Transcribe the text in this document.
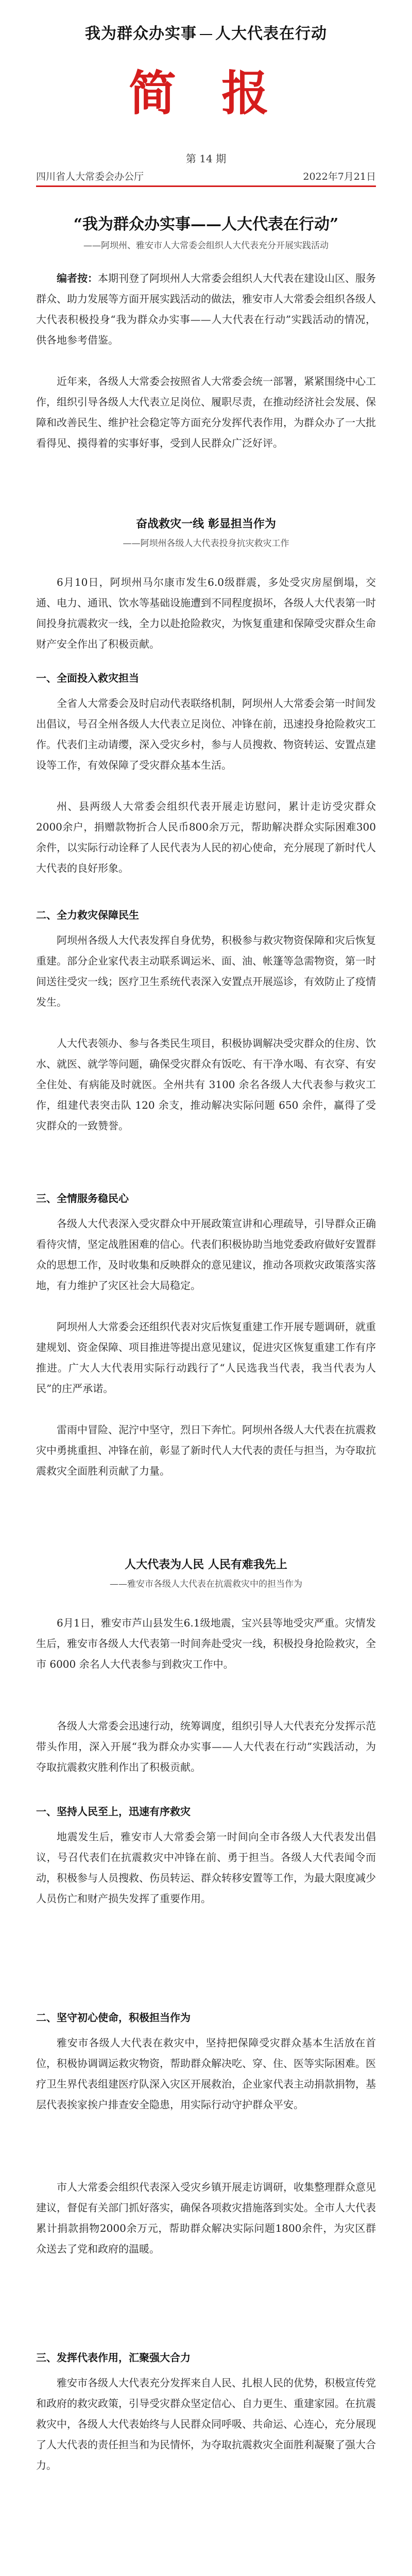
我为群众办实事 人大代表在行动
简 报
第 14 期
四川省人大常委会办公厅	2022年7月21日
“我为群众办实事——人大代表在行动”
——阿坝州、雅安市人大常委会组织人大代表充分开展实践活动

编者按：本期刊登了阿坝州人大常委会组织人大代表在建设山区、服务群众、助力发展等方面开展实践活动的做法，雅安市人大常委会组织各级人大代表积极投身“我为群众办实事——人大代表在行动”实践活动的情况，供各地参考借鉴。

近年来，各级人大常委会按照省人大常委会统一部署，紧紧围绕中心工作，组织引导各级人大代表立足岗位、履职尽责，在推动经济社会发展、保障和改善民生、维护社会稳定等方面充分发挥代表作用，为群众办了一大批看得见、摸得着的实事好事，受到人民群众广泛好评。

奋战救灾一线 彰显担当作为
——阿坝州各级人大代表投身抗灾救灾工作

6月10日，阿坝州马尔康市发生6.0级群震，多处受灾房屋倒塌，交通、电力、通讯、饮水等基础设施遭到不同程度损坏，各级人大代表第一时间投身抗震救灾一线，全力以赴抢险救灾，为恢复重建和保障受灾群众生命财产安全作出了积极贡献。

一、全面投入救灾担当

全省人大常委会及时启动代表联络机制，阿坝州人大常委会第一时间发出倡议，号召全州各级人大代表立足岗位、冲锋在前，迅速投身抢险救灾工作。代表们主动请缨，深入受灾乡村，参与人员搜救、物资转运、安置点建设等工作，有效保障了受灾群众基本生活。

州、县两级人大常委会组织代表开展走访慰问，累计走访受灾群众2000余户，捐赠款物折合人民币800余万元，帮助解决群众实际困难300余件，以实际行动诠释了人民代表为人民的初心使命，充分展现了新时代人大代表的良好形象。

二、全力救灾保障民生

阿坝州各级人大代表发挥自身优势，积极参与救灾物资保障和灾后恢复重建。部分企业家代表主动联系调运米、面、油、帐篷等急需物资，第一时间送往受灾一线；医疗卫生系统代表深入安置点开展巡诊，有效防止了疫情发生。

人大代表领办、参与各类民生项目，积极协调解决受灾群众的住房、饮水、就医、就学等问题，确保受灾群众有饭吃、有干净水喝、有衣穿、有安全住处、有病能及时就医。全州共有 3100 余名各级人大代表参与救灾工作，组建代表突击队 120 余支，推动解决实际问题 650 余件，赢得了受灾群众的一致赞誉。

三、全情服务稳民心

各级人大代表深入受灾群众中开展政策宣讲和心理疏导，引导群众正确看待灾情，坚定战胜困难的信心。代表们积极协助当地党委政府做好安置群众的思想工作，及时收集和反映群众的意见建议，推动各项救灾政策落实落地，有力维护了灾区社会大局稳定。

阿坝州人大常委会还组织代表对灾后恢复重建工作开展专题调研，就重建规划、资金保障、项目推进等提出意见建议，促进灾区恢复重建工作有序推进。广大人大代表用实际行动践行了“人民选我当代表，我当代表为人民”的庄严承诺。

雷雨中冒险、泥泞中坚守，烈日下奔忙。阿坝州各级人大代表在抗震救灾中勇挑重担、冲锋在前，彰显了新时代人大代表的责任与担当，为夺取抗震救灾全面胜利贡献了力量。

人大代表为人民 人民有难我先上
——雅安市各级人大代表在抗震救灾中的担当作为

6月1日，雅安市芦山县发生6.1级地震，宝兴县等地受灾严重。灾情发生后，雅安市各级人大代表第一时间奔赴受灾一线，积极投身抢险救灾，全市 6000 余名人大代表参与到救灾工作中。

各级人大常委会迅速行动，统筹调度，组织引导人大代表充分发挥示范带头作用，深入开展“我为群众办实事——人大代表在行动”实践活动，为夺取抗震救灾胜利作出了积极贡献。

一、坚持人民至上，迅速有序救灾

地震发生后，雅安市人大常委会第一时间向全市各级人大代表发出倡议，号召代表们在抗震救灾中冲锋在前、勇于担当。各级人大代表闻令而动，积极参与人员搜救、伤员转运、群众转移安置等工作，为最大限度减少人员伤亡和财产损失发挥了重要作用。

二、坚守初心使命，积极担当作为

雅安市各级人大代表在救灾中，坚持把保障受灾群众基本生活放在首位，积极协调调运救灾物资，帮助群众解决吃、穿、住、医等实际困难。医疗卫生界代表组建医疗队深入灾区开展救治，企业家代表主动捐款捐物，基层代表挨家挨户排查安全隐患，用实际行动守护群众平安。

市人大常委会组织代表深入受灾乡镇开展走访调研，收集整理群众意见建议，督促有关部门抓好落实，确保各项救灾措施落到实处。全市人大代表累计捐款捐物2000余万元，帮助群众解决实际问题1800余件，为灾区群众送去了党和政府的温暖。

三、发挥代表作用，汇聚强大合力

雅安市各级人大代表充分发挥来自人民、扎根人民的优势，积极宣传党和政府的救灾政策，引导受灾群众坚定信心、自力更生、重建家园。在抗震救灾中，各级人大代表始终与人民群众同呼吸、共命运、心连心，充分展现了人大代表的责任担当和为民情怀，为夺取抗震救灾全面胜利凝聚了强大合力。
